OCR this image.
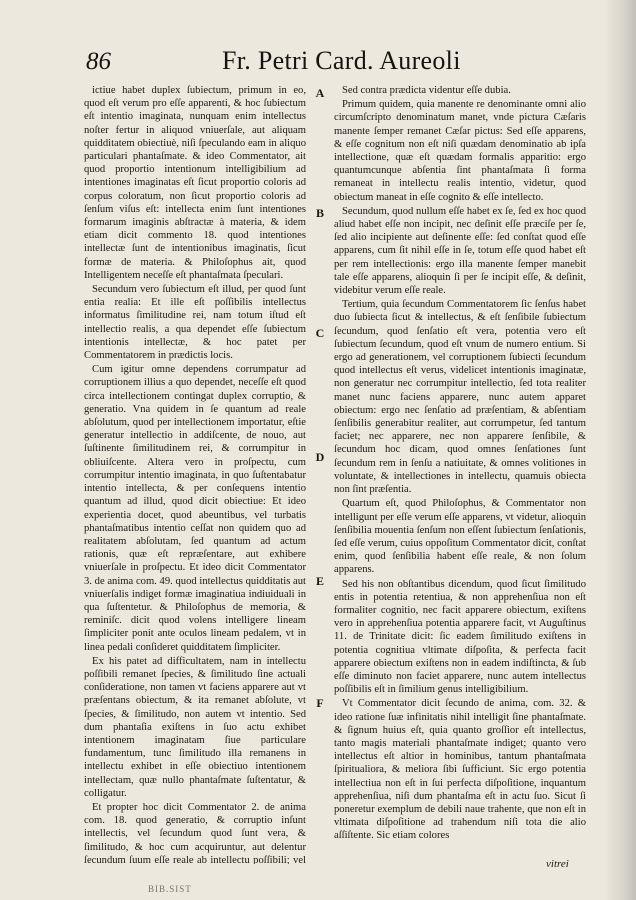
86	Fr. Petri Card. Aureoli

ictiue habet duplex ſubiectum, primum in eo, quod eſt verum pro eſſe apparenti, & hoc ſubiectum eſt intentio imaginata, nunquam enim intellectus noſter fertur in aliquod vniuerſale, aut aliquam quidditatem obiectiuè, niſi ſpeculando eam in aliquo particulari phantaſmate. & ideo Commentator, ait quod proportio intentionum intelligibilium ad intentiones imaginatas eſt ſicut proportio coloris ad corpus coloratum, non ſicut proportio coloris ad ſenſum viſus eſt: intellecta enim ſunt intentiones formarum imaginis abſtractæ à materia, & idem etiam dicit commento 18. quod intentiones intellectæ ſunt de intentionibus imaginatis, ſicut formæ de materia. & Philoſophus ait, quod Intelligentem neceſſe eſt phantaſmata ſpeculari.

Secundum vero ſubiectum eſt illud, per quod ſunt entia realia: Et ille eſt poſſibilis intellectus informatus ſimilitudine rei, nam totum iſtud eſt intellectio realis, a qua dependet eſſe ſubiectum intentionis intellectæ, & hoc patet per Commentatorem in prædictis locis.

Cum igitur omne dependens corrumpatur ad corruptionem illius a quo dependet, neceſſe eſt quod circa intellectionem contingat duplex corruptio, & generatio. Vna quidem in ſe quantum ad reale abſolutum, quod per intellectionem importatur, eſtie generatur intellectio in addiſcente, de nouo, aut ſuſtinente ſimilitudinem rei, & corrumpitur in obliuiſcente. Altera vero in proſpectu, cum corrumpitur intentio imaginata, in quo ſuſtentabatur intentio intellecta, & per conſequens intentio quantum ad illud, quod dicit obiectiue: Et ideo experientia docet, quod abeuntibus, vel turbatis phantaſmatibus intentio ceſſat non quidem quo ad realitatem abſolutam, ſed quantum ad actum rationis, quæ eſt repræſentare, aut exhibere vniuerſale in proſpectu. Et ideo dicit Commentator 3. de anima com. 49. quod intellectus quidditatis aut vniuerſalis indiget formæ imaginatiua indiuiduali in qua ſuſtentetur. & Philoſophus de memoria, & reminiſc. dicit quod volens intelligere lineam ſimpliciter ponit ante oculos lineam pedalem, vt in linea pedali conſideret quidditatem ſimpliciter.

Ex his patet ad difficultatem, nam in intellectu poſſibili remanet ſpecies, & ſimilitudo ſine actuali conſideratione, non tamen vt faciens apparere aut vt præſentans obiectum, & ita remanet abſolute, vt ſpecies, & ſimilitudo, non autem vt intentio. Sed dum phantaſia exiſtens in ſuo actu exhibet intentionem imaginatam ſiue particulare fundamentum, tunc ſimilitudo illa remanens in intellectu exhibet in eſſe obiectiuo intentionem intellectam, quæ nullo phantaſmate ſuſtentatur, & colligatur.

Et propter hoc dicit Commentator 2. de anima com. 18. quod generatio, & corruptio inſunt intellectis, vel ſecundum quod ſunt vera, & ſimilitudo, & hoc cum acquiruntur, aut delentur ſecundum ſuum eſſe reale ab intellectu poſſibili; vel

A
B
C
D
E
F

Sed contra prædicta videntur eſſe dubia.

Primum quidem, quia manente re denominante omni alio circumſcripto denominatum manet, vnde pictura Cæſaris manente ſemper remanet Cæſar pictus: Sed eſſe apparens, & eſſe cognitum non eſt niſi quædam denominatio ab ipſa intellectione, quæ eſt quædam formalis apparitio: ergo quantumcunque abſentia ſint phantaſmata ſi forma remaneat in intellectu realis intentio, videtur, quod obiectum maneat in eſſe cognito & eſſe intellecto.

Secundum, quod nullum eſſe habet ex ſe, ſed ex hoc quod aliud habet eſſe non incipit, nec deſinit eſſe præciſe per ſe, ſed alio incipiente aut deſinente eſſe: ſed conſtat quod eſſe apparens, cum ſit nihil eſſe in ſe, totum eſſe quod habet eſt per rem intellectionis: ergo illa manente ſemper manebit tale eſſe apparens, alioquin ſi per ſe incipit eſſe, & deſinit, videbitur verum eſſe reale.

Tertium, quia ſecundum Commentatorem ſic ſenſus habet duo ſubiecta ſicut & intellectus, & eſt ſenſibile ſubiectum ſecundum, quod ſenſatio eſt vera, potentia vero eſt ſubiectum ſecundum, quod eſt vnum de numero entium. Si ergo ad generationem, vel corruptionem ſubiecti ſecundum quod intellectus eſt verus, videlicet intentionis imaginatæ, non generatur nec corrumpitur intellectio, ſed tota realiter manet nunc faciens apparere, nunc autem apparet obiectum: ergo nec ſenſatio ad præſentiam, & abſentiam ſenſibilis generabitur realiter, aut corrumpetur, ſed tantum faciet; nec apparere, nec non apparere ſenſibile, & ſecundum hoc dicam, quod omnes ſenſationes ſunt ſecundum rem in ſenſu a natiuitate, & omnes volitiones in voluntate, & intellectiones in intellectu, quamuis obiecta non ſint præſentia.

Quartum eſt, quod Philoſophus, & Commentator non intelligunt per eſſe verum eſſe apparens, vt videtur, alioquin ſenſibilia mouentia ſenſum non eſſent ſubiectum ſenſationis, ſed eſſe verum, cuius oppoſitum Commentator dicit, conſtat enim, quod ſenſibilia habent eſſe reale, & non ſolum apparens.

Sed his non obſtantibus dicendum, quod ſicut ſimilitudo entis in potentia retentiua, & non apprehenſiua non eſt formaliter cognitio, nec facit apparere obiectum, exiſtens vero in apprehenſiua potentia apparere facit, vt Auguſtinus 11. de Trinitate dicit: ſic eadem ſimilitudo exiſtens in potentia cognitiua vltimate diſpoſita, & perfecta facit apparere obiectum exiſtens non in eadem indiſtincta, & ſub eſſe diminuto non faciet apparere, nunc autem intellectus poſſibilis eſt in ſimilium genus intelligibilium.

Vt Commentator dicit ſecundo de anima, com. 32. & ideo ratione ſuæ infinitatis nihil intelligit ſine phantaſmate. & ſignum huius eſt, quia quanto groſſior eſt intellectus, tanto magis materiali phantaſmate indiget; quanto vero intellectus eſt altior in hominibus, tantum phantaſmata ſpiritualiora, & meliora ſibi ſufficiunt. Sic ergo potentia intellectiua non eſt in ſui perfecta diſpoſitione, inquantum apprehenſiua, niſi dum phantaſma eſt in actu ſuo. Sicut ſi poneretur exemplum de debili naue trahente, que non eſt in vltimata diſpoſitione ad trahendum niſi tota die alio aſſiſtente. Sic etiam colores

vitrei
BIB.SIST
